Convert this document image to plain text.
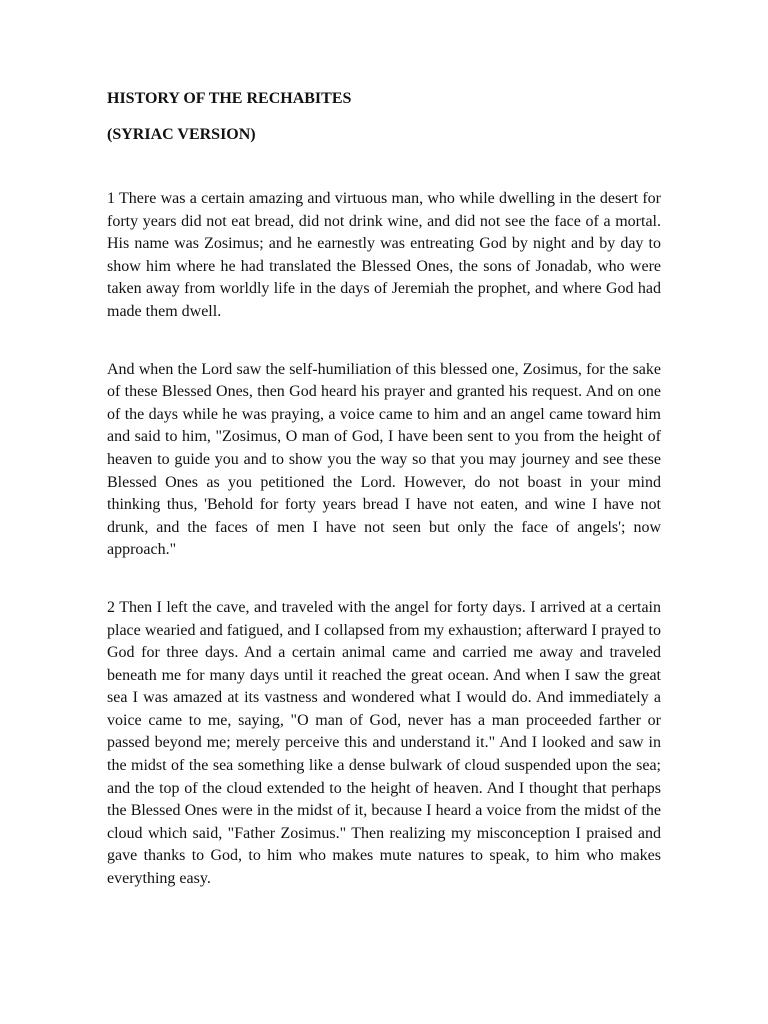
HISTORY OF THE RECHABITES
(SYRIAC VERSION)

1 There was a certain amazing and virtuous man, who while dwelling in the desert for forty years did not eat bread, did not drink wine, and did not see the face of a mortal. His name was Zosimus; and he earnestly was entreating God by night and by day to show him where he had translated the Blessed Ones, the sons of Jonadab, who were taken away from worldly life in the days of Jeremiah the prophet, and where God had made them dwell.

And when the Lord saw the self-humiliation of this blessed one, Zosimus, for the sake of these Blessed Ones, then God heard his prayer and granted his request. And on one of the days while he was praying, a voice came to him and an angel came toward him and said to him, "Zosimus, O man of God, I have been sent to you from the height of heaven to guide you and to show you the way so that you may journey and see these Blessed Ones as you petitioned the Lord. However, do not boast in your mind thinking thus, 'Behold for forty years bread I have not eaten, and wine I have not drunk, and the faces of men I have not seen but only the face of angels'; now approach."

2 Then I left the cave, and traveled with the angel for forty days. I arrived at a certain place wearied and fatigued, and I collapsed from my exhaustion; afterward I prayed to God for three days. And a certain animal came and carried me away and traveled beneath me for many days until it reached the great ocean. And when I saw the great sea I was amazed at its vastness and wondered what I would do. And immediately a voice came to me, saying, "O man of God, never has a man proceeded farther or passed beyond me; merely perceive this and understand it." And I looked and saw in the midst of the sea something like a dense bulwark of cloud suspended upon the sea; and the top of the cloud extended to the height of heaven. And I thought that perhaps the Blessed Ones were in the midst of it, because I heard a voice from the midst of the cloud which said, "Father Zosimus." Then realizing my misconception I praised and gave thanks to God, to him who makes mute natures to speak, to him who makes everything easy.
